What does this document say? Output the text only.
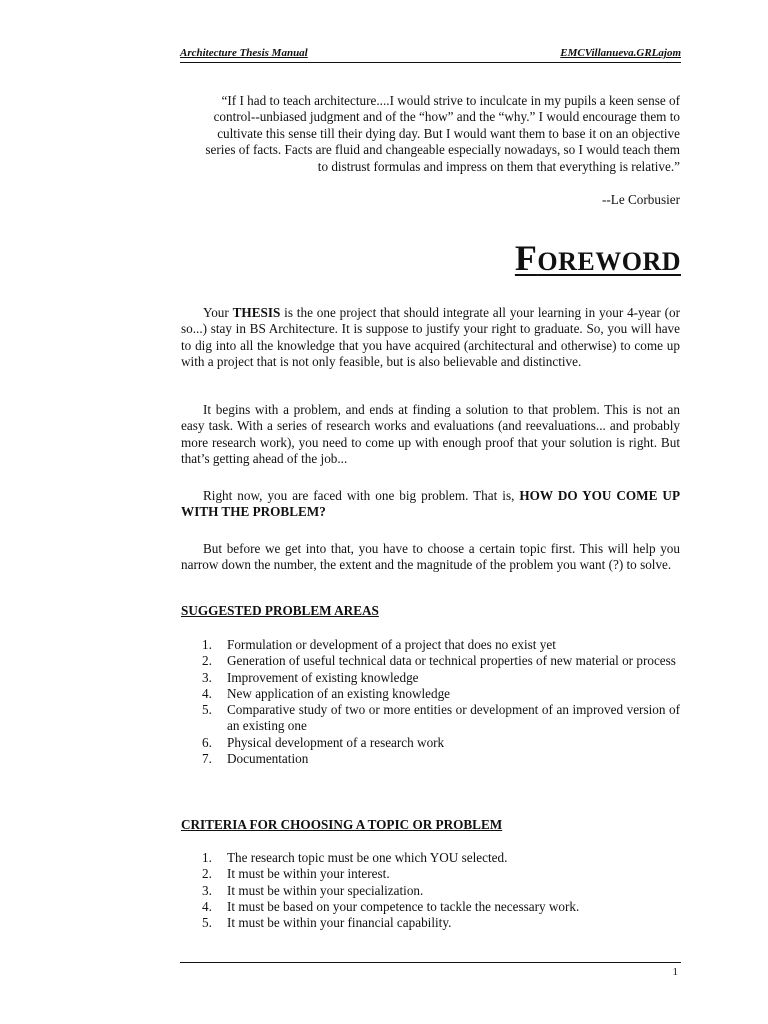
Architecture Thesis Manual	EMCVillanueva.GRLajom
“If I had to teach architecture....I would strive to inculcate in my pupils a keen sense of
control--unbiased judgment and of the “how” and the “why.” I would encourage them to
cultivate this sense till their dying day. But I would want them to base it on an objective
series of facts. Facts are fluid and changeable especially nowadays, so I would teach them
to distrust formulas and impress on them that everything is relative.”
--Le Corbusier
FOREWORD
Your THESIS is the one project that should integrate all your learning in your 4-year (or so...) stay in BS Architecture. It is suppose to justify your right to graduate. So, you will have to dig into all the knowledge that you have acquired (architectural and otherwise) to come up with a project that is not only feasible, but is also believable and distinctive.
It begins with a problem, and ends at finding a solution to that problem. This is not an easy task. With a series of research works and evaluations (and reevaluations... and probably more research work), you need to come up with enough proof that your solution is right. But that’s getting ahead of the job...
Right now, you are faced with one big problem. That is, HOW DO YOU COME UP WITH THE PROBLEM?
But before we get into that, you have to choose a certain topic first. This will help you narrow down the number, the extent and the magnitude of the problem you want (?) to solve.
SUGGESTED PROBLEM AREAS
1. Formulation or development of a project that does no exist yet
2. Generation of useful technical data or technical properties of new material or process
3. Improvement of existing knowledge
4. New application of an existing knowledge
5. Comparative study of two or more entities or development of an improved version of an existing one
6. Physical development of a research work
7. Documentation
CRITERIA FOR CHOOSING A TOPIC OR PROBLEM
1. The research topic must be one which YOU selected.
2. It must be within your interest.
3. It must be within your specialization.
4. It must be based on your competence to tackle the necessary work.
5. It must be within your financial capability.
1
